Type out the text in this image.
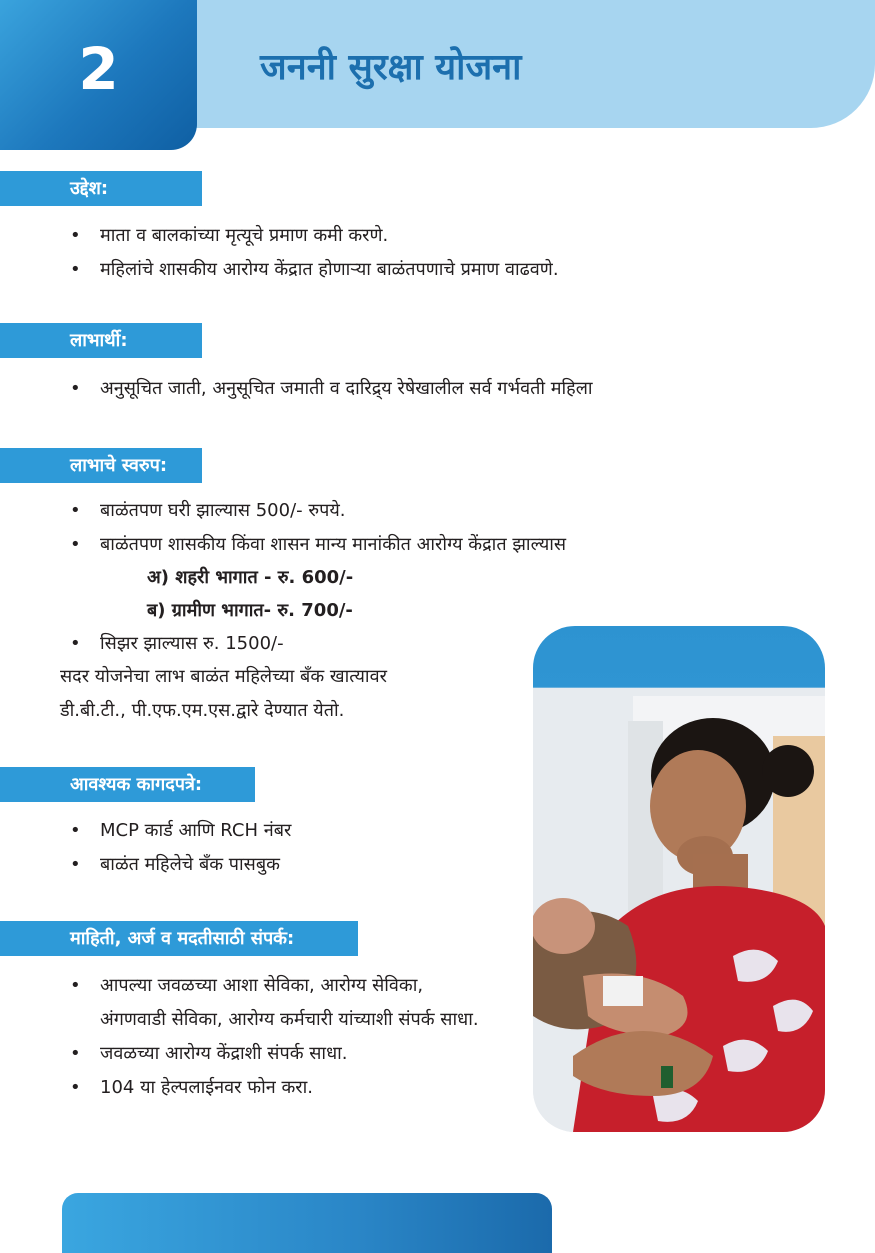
2	जननी सुरक्षा योजना
उद्देश:
• माता व बालकांच्या मृत्यूचे प्रमाण कमी करणे.
• महिलांचे शासकीय आरोग्य केंद्रात होणाऱ्या बाळंतपणाचे प्रमाण वाढवणे.
लाभार्थी:
• अनुसूचित जाती, अनुसूचित जमाती व दारिद्र्य रेषेखालील सर्व गर्भवती महिला
लाभाचे स्वरुप:
• बाळंतपण घरी झाल्यास 500/- रुपये.
• बाळंतपण शासकीय किंवा शासन मान्य मानांकीत आरोग्य केंद्रात झाल्यास
अ) शहरी भागात - रु. 600/-
ब) ग्रामीण भागात- रु. 700/-
• सिझर झाल्यास रु. 1500/-
सदर योजनेचा लाभ बाळंत महिलेच्या बँक खात्यावर
डी.बी.टी., पी.एफ.एम.एस.द्वारे देण्यात येतो.
आवश्यक कागदपत्रे:
• MCP कार्ड आणि RCH नंबर
• बाळंत महिलेचे बँक पासबुक
माहिती, अर्ज व मदतीसाठी संपर्क:
• आपल्या जवळच्या आशा सेविका, आरोग्य सेविका,
अंगणवाडी सेविका, आरोग्य कर्मचारी यांच्याशी संपर्क साधा.
• जवळच्या आरोग्य केंद्राशी संपर्क साधा.
• 104 या हेल्पलाईनवर फोन करा.
